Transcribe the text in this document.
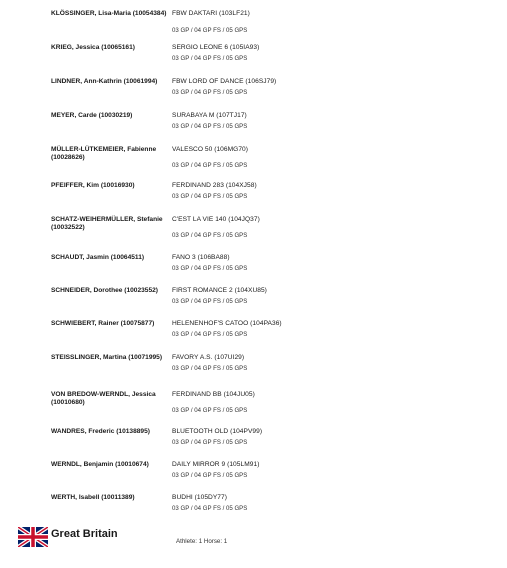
KLÖSSINGER, Lisa-Maria (10054384) FBW DAKTARI (103LF21)
03 GP / 04 GP FS / 05 GPS
KRIEG, Jessica (10065161)	SERGIO LEONE 6 (105IA93)
03 GP / 04 GP FS / 05 GPS
LINDNER, Ann-Kathrin (10061994)	FBW LORD OF DANCE (106SJ79)
03 GP / 04 GP FS / 05 GPS
MEYER, Carde (10030219)	SURABAYA M (107TJ17)
03 GP / 04 GP FS / 05 GPS
MÜLLER-LÜTKEMEIER, Fabienne (10028626)
VALESCO 50 (106MG70)
03 GP / 04 GP FS / 05 GPS
PFEIFFER, Kim (10016930)	FERDINAND 283 (104XJ58)
03 GP / 04 GP FS / 05 GPS
SCHATZ-WEIHERMÜLLER, Stefanie (10032522)
C'EST LA VIE 140 (104JQ37)
03 GP / 04 GP FS / 05 GPS
SCHAUDT, Jasmin (10064511)	FANO 3 (106BA88)
03 GP / 04 GP FS / 05 GPS
SCHNEIDER, Dorothee (10023552)	FIRST ROMANCE 2 (104XU85)
03 GP / 04 GP FS / 05 GPS
SCHWIEBERT, Rainer (10075877)	HELENENHOF'S CATOO (104PA36)
03 GP / 04 GP FS / 05 GPS
STEISSLINGER, Martina (10071995)	FAVORY A.S. (107UI29)
03 GP / 04 GP FS / 05 GPS
VON BREDOW-WERNDL, Jessica (10010680)
FERDINAND BB (104JU05)
03 GP / 04 GP FS / 05 GPS
WANDRES, Frederic (10138895)	BLUETOOTH OLD (104PV99)
03 GP / 04 GP FS / 05 GPS
WERNDL, Benjamin (10010674)	DAILY MIRROR 9 (105LM91)
03 GP / 04 GP FS / 05 GPS
WERTH, Isabell (10011389)	BUDHI (105DY77)
03 GP / 04 GP FS / 05 GPS
Great Britain
Athlete: 1 Horse: 1
